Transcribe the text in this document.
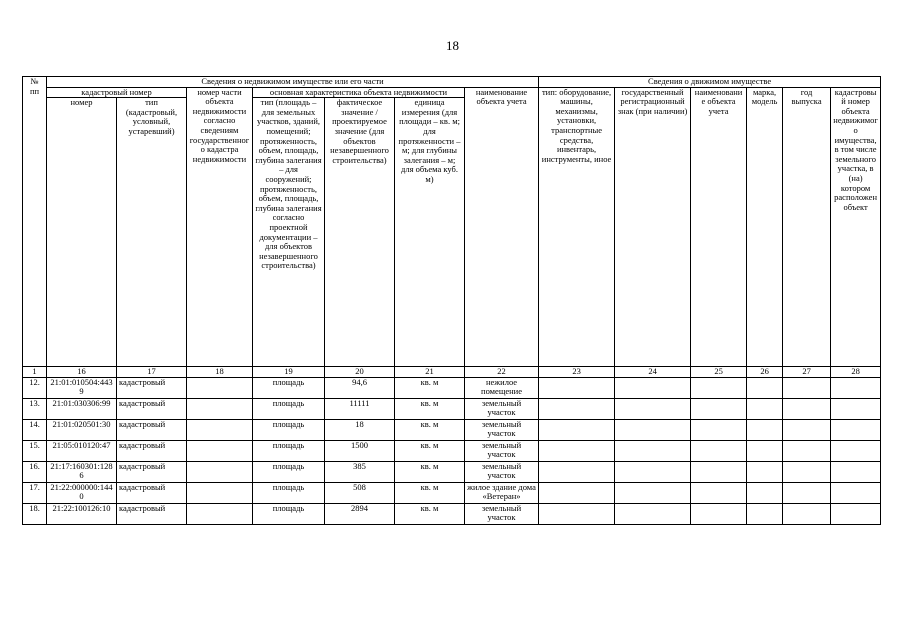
18
№ пп	Сведения о недвижимом имуществе или его части							Сведения о движимом имуществе					
	кадастровый номер		номер части объекта недвижимости согласно сведениям государственного кадастра недвижимости	основная характеристика объекта недвижимости			наименование объекта учета	тип: оборудование, машины, механизмы, установки, транспортные средства, инвентарь, инструменты, иное	государственный регистрационный знак (при наличии)	наименование объекта учета	марка, модель	год выпуска	кадастровый номер объекта недвижимого имущества, в том числе земельного участка, в (на) котором расположен объект
	номер	тип (кадастровый, условный, устаревший)		тип (площадь – для земельных участков, зданий, помещений; протяженность, объем, площадь, глубина залегания – для сооружений; протяженность, объем, площадь, глубина залегания согласно проектной документации – для объектов незавершенного строительства)	фактическое значение / проектируемое значение (для объектов незавершенного строительства)	единица измерения (для площади – кв. м; для протяженности – м; для глубины залегания – м; для объема куб. м)							
1	16	17	18	19	20	21	22	23	24	25	26	27	28
12.	21:01:010504:4439	кадастровый		площадь	94,6	кв. м	нежилое помещение						
13.	21:01:030306:99	кадастровый		площадь	11111	кв. м	земельный участок						
14.	21:01:020501:30	кадастровый		площадь	18	кв. м	земельный участок						
15.	21:05:010120:47	кадастровый		площадь	1500	кв. м	земельный участок						
16.	21:17:160301:1286	кадастровый		площадь	385	кв. м	земельный участок						
17.	21:22:000000:1440	кадастровый		площадь	508	кв. м	жилое здание дома «Ветеран»						
18.	21:22:100126:10	кадастровый		площадь	2894	кв. м	земельный участок						
